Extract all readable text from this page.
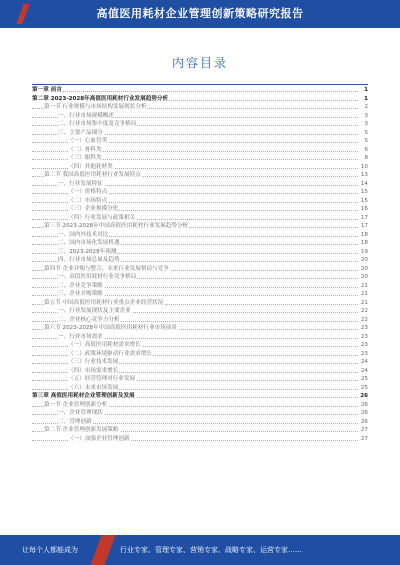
高值医用耗材企业管理创新策略研究报告
内容目录
第一章 前言	1
第二章 2023-2028年高值医用耗材行业发展趋势分析	1
第一节 行业规模与市场结构发展现状分析	2
一、行业市场规模概述	3
二、行业市场集中度及竞争格局	3
三、主要产品细分	5
（一）心血管类	5
（二）骨科类	6
（三）眼科类	8
（四）其他耗材类	10
第二节 我国高值医用耗材行业发展特点	13
一、行业发展特征	14
（一）价格特点	15
（二）市场特点	15
（三）企业规模分化	16
（四）行业发展与政策相关	17
第三节 2023-2028年中国高值医用耗材行业发展趋势分析	17
一、国内外技术对比	18
二、国内市场化发展机遇	18
三、2023-2028年预测	19
四、行业市场总量及趋势	20
第四节 企业并购与整合，未来行业发展格局与竞争	20
一、高值医用耗材行业竞争格局	20
二、企业竞争策略	21
三、企业并购策略	21
第五节 中国高值医用耗材行业重点企业经营状况	21
一、行业发展现状及主要企业	22
二、企业核心竞争力分析	22
第六节 2023-2028年中国高值医用耗材行业市场前景	23
一、行业市场需求	23
（一）高值医用耗材需求增长	23
（二）政策环境驱动行业需求增长	23
（三）行业技术发展	24
（四）市场需求增长	24
（五）经营管理对行业发展	25
（六）未来市场发展	25
第三章 高值医用耗材企业管理创新及发展	26
第一节 企业管理创新分析	26
一、企业管理现状	26
二、管理创新	26
第二节 企业管理创新发展策略	27
（一）加强企业管理创新	27
让每个人都能成为	行业专家、管理专家、营销专家、战略专家、运营专家……
